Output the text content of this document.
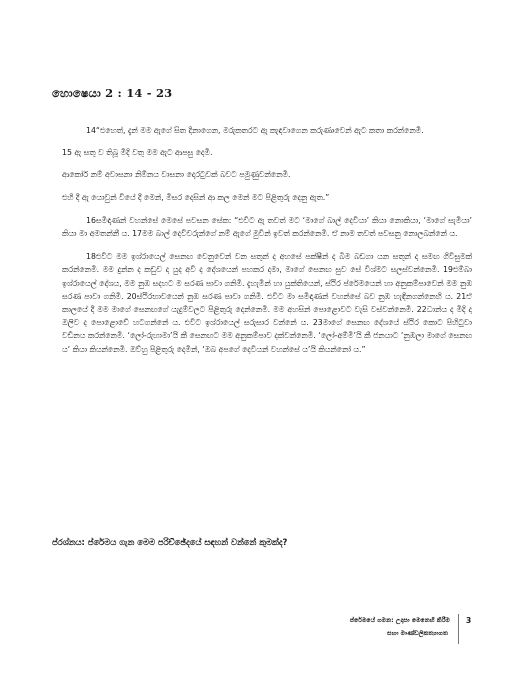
හොෂෙයා 2 : 14 - 23

14“එහෙත්, දැන් මම ඇගේ සිත දිනාගෙන, මරුකතරට ඇ කැඳවාගෙන කරුණාවෙන් ඇට කතා කරන්නෙමි.

15 ඇ සතු ව තිබූ මිදි වතු මම ඇට ආපසු දෙමි.

ආකෝර් නම් අවාසනා නිම්නය වාසනා දොරටුවක් බවට පමුණුවන්නෙමි.

එහි දී ඇ යොවුන් වියේ දී මෙන්, මිසර දෙසින් ආ කල මෙන් මට පිළිතුරු දෙනු ඇත.”

16සමිඳාණන් වහන්සේ මෙසේ පවසන සේක: “එවිට ඇ තවත් මට ‘මාගේ බාල් දෙවියා’ කියා නොකියා, ‘මාගේ සැමියා’ කියා මා අමතන්නී ය. 17මම බාල් දෙවිවරුන්ගේ නම් ඇගේ මුවින් ඉවත් කරන්නෙමි. ඒ නාම තවත් පවසනු නොලබන්නේ ය.

18එවිට මම ඉශ්රායෙල් සෙනඟ වෙනුවෙන් වන සතුන් ද අහසේ පක්ෂීන් ද බිම බඩගා යන සතුන් ද සමඟ ගිවිසුමක් කරන්නෙමි. මම දුන්න ද කඩුව ද යුද අවි ද දේශයෙන් පහකර දමා, මාගේ සෙනඟ සුව සේ විශ්මට සලස්වන්නෙමි. 19එම්බා ඉශ්රායෙල් දේශය, මම නුඹ සදහට ම සරණ පාවා ගනිමි. දැහැමින් හා යුක්තියෙන්, ස්ථිර ප්රේමයෙන් හා අනුකම්පාවෙන් මම නුඹ සරණ පාවා ගනිමි. 20ස්ථිරභාවයෙන් නුඹ සරණ පාවා ගනිමි. එවිට මා සමිඳාණන් වහන්සේ බව නුඹ හැඳිනගන්නෙහි ය. 21ඒ කාලයේ දී මම මාගේ සෙනඟගේ යැදුම්වලට පිළිතුරු දෙන්නෙමි. මම අහසින් පොළොවට වැසි වස්වන්නෙමි. 22ධාන්ය ද මිදි ද ඔලිව ද පොළොවේ හටගන්නේ ය. එවිට ඉශ්රායෙල් සරුසාර වන්නේ ය. 23මාගේ සෙනඟ දේශයේ ස්ථිර කොට පිහිටුවා වඩිනය කරන්නෙමි. ‘ලෝ-රුහාමා’යි කී සෙනඟට මම අනුකම්පාව දක්වන්නෙමි. ‘ලෝ-අම්මී’යි කී ජනයාට ‘නුඹලා මාගේ සෙනඟ ය’ කියා කියන්නෙමි. ඔව්හු පිළිතුරු දෙමින්, ‘ඔබ අපගේ දෙවියන් වහන්සේ ය’යි කියන්නෝ ය.”

ප්රශ්නය: ප්රේමය ගැන මෙම පරිච්ඡේදයේ සඳහන් වන්නේ කුමක්ද?
ප්රේමයේ ගමන: උදාසා මෙනෙහි කිරීම
සහා මාණ්ඩලිකත්‍යාගත
3
